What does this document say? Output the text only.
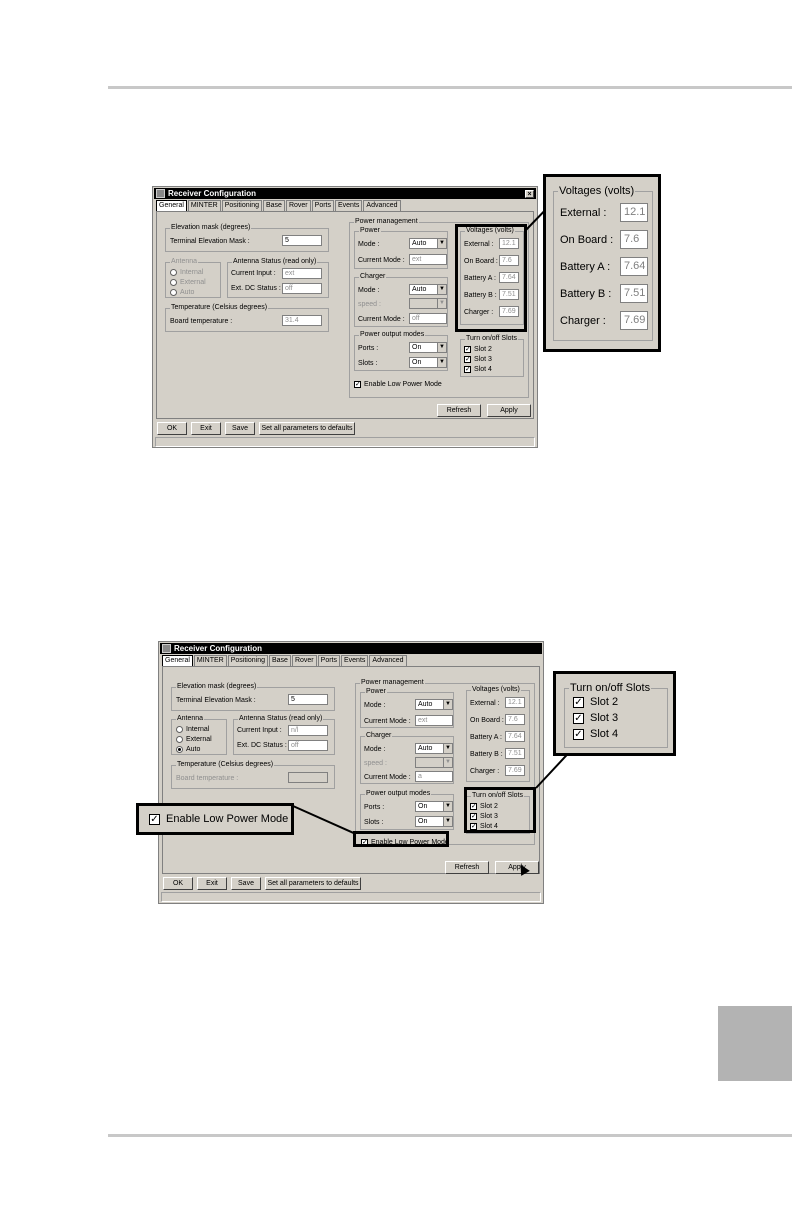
Receiver Configuration	×
General	MINTER	Positioning	Base	Rover	Ports	Events	Advanced
Elevation mask (degrees)
Terminal Elevation Mask :	5
Antenna
Internal
External
Auto
Antenna Status (read only)
Current Input :	ext
Ext. DC Status : off
Temperature (Celsius degrees)
Board temperature :	31.4
Power management
Power
Mode :	Auto	▼
Current Mode :	ext
Charger
Mode :	Auto	▼
speed :	▼
Current Mode :	off
Power output modes
Ports :	On	▼
Slots :	On	▼
✓ Enable Low Power Mode
Voltages (volts)
External :	12.1
On Board : 7.6
Battery A : 7.64
Battery B : 7.51
Charger :	7.69
Turn on/off Slots
✓ Slot 2
✓ Slot 3
✓ Slot 4
Refresh	Apply
OK	Exit	Save	Set all parameters to defaults
Voltages (volts)
External :	12.1
On Board : 7.6
Battery A :	7.64
Battery B :	7.51
Charger :	7.69
Receiver Configuration
General	MINTER	Positioning	Base	Rover	Ports	Events	Advanced
Elevation mask (degrees)
Terminal Elevation Mask :	5
Antenna
Internal
External
Auto
Antenna Status (read only)
Current Input :	n/l
Ext. DC Status : off
Temperature (Celsius degrees)
Board temperature :
Power management
Power
Mode :	Auto	▼
Current Mode :	ext
Charger
Mode :	Auto	▼
speed :	▼
Current Mode :	a
Power output modes
Ports :	On	▼
Slots :	On	▼
Voltages (volts)
External :	12.1
On Board : 7.6
Battery A : 7.64
Battery B : 7.51
Charger :	7.69
Turn on/off Slots
✓ Slot 2
✓ Slot 3
✓ Slot 4
✓ Enable Low Power Mode
Refresh	Apply
OK	Exit	Save	Set all parameters to defaults
✓ Enable Low Power Mode
Turn on/off Slots
✓ Slot 2
✓ Slot 3
✓ Slot 4
